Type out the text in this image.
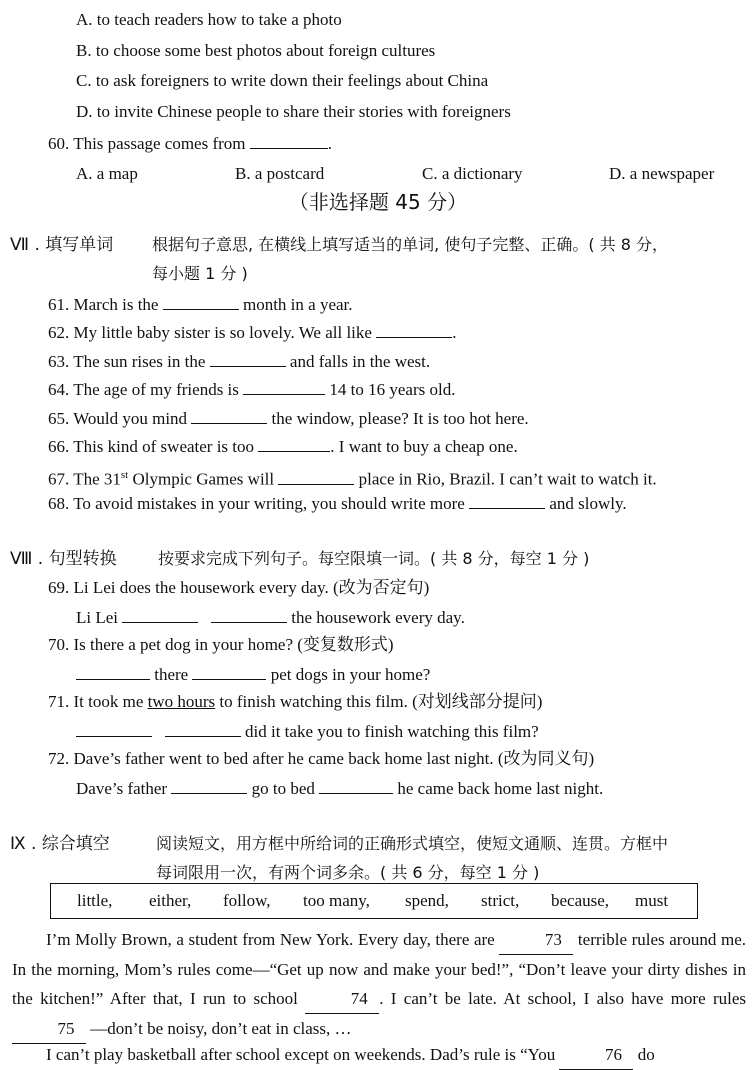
A. to teach readers how to take a photo
B. to choose some best photos about foreign cultures
C. to ask foreigners to write down their feelings about China
D. to invite Chinese people to share their stories with foreigners
60. This passage comes from	.
A. a map	B. a postcard	C. a dictionary	D. a newspaper
（非选择题 45 分）
Ⅶ . 填写单词 根据句子意思, 在横线上填写适当的单词, 使句子完整、正确。( 共 8 分，
每小题 1 分 )
61. March is the	month in a year.
62. My little baby sister is so lovely. We all like	.
63. The sun rises in the	and falls in the west.
64. The age of my friends is	14 to 16 years old.
65. Would you mind	the window, please? It is too hot here.
66. This kind of sweater is too	. I want to buy a cheap one.
67. The 31st Olympic Games will	place in Rio, Brazil. I can’t wait to watch it.
68. To avoid mistakes in your writing, you should write more	and slowly.
Ⅷ . 句型转换	按要求完成下列句子。每空限填一词。( 共 8 分，每空 1 分 )
69. Li Lei does the housework every day. (改为否定句)
Li Lei	the housework every day.
70. Is there a pet dog in your home? (变复数形式)
there	pet dogs in your home?
71. It took me two hours to finish watching this film. (对划线部分提问)
did it take you to finish watching this film?
72. Dave’s father went to bed after he came back home last night. (改为同义句)
Dave’s father	go to bed	he came back home last night.
Ⅸ . 综合填空	阅读短文，用方框中所给词的正确形式填空，使短文通顺、连贯。方框中
每词限用一次，有两个词多余。( 共 6 分，每空 1 分 )
little, either, follow, too many, spend, strict, because, must
I’m Molly Brown, a student from New York. Every day, there are	73 terrible rules around me. In the morning, Mom’s rules come—“Get up now and make your bed!”, “Don’t leave your dirty dishes in the kitchen!” After that, I run to school	74 . I can’t be late. At school, I also have more rules 75 —don’t be noisy, don’t eat in class, …
I can’t play basketball after school except on weekends. Dad’s rule is “You	76 do
